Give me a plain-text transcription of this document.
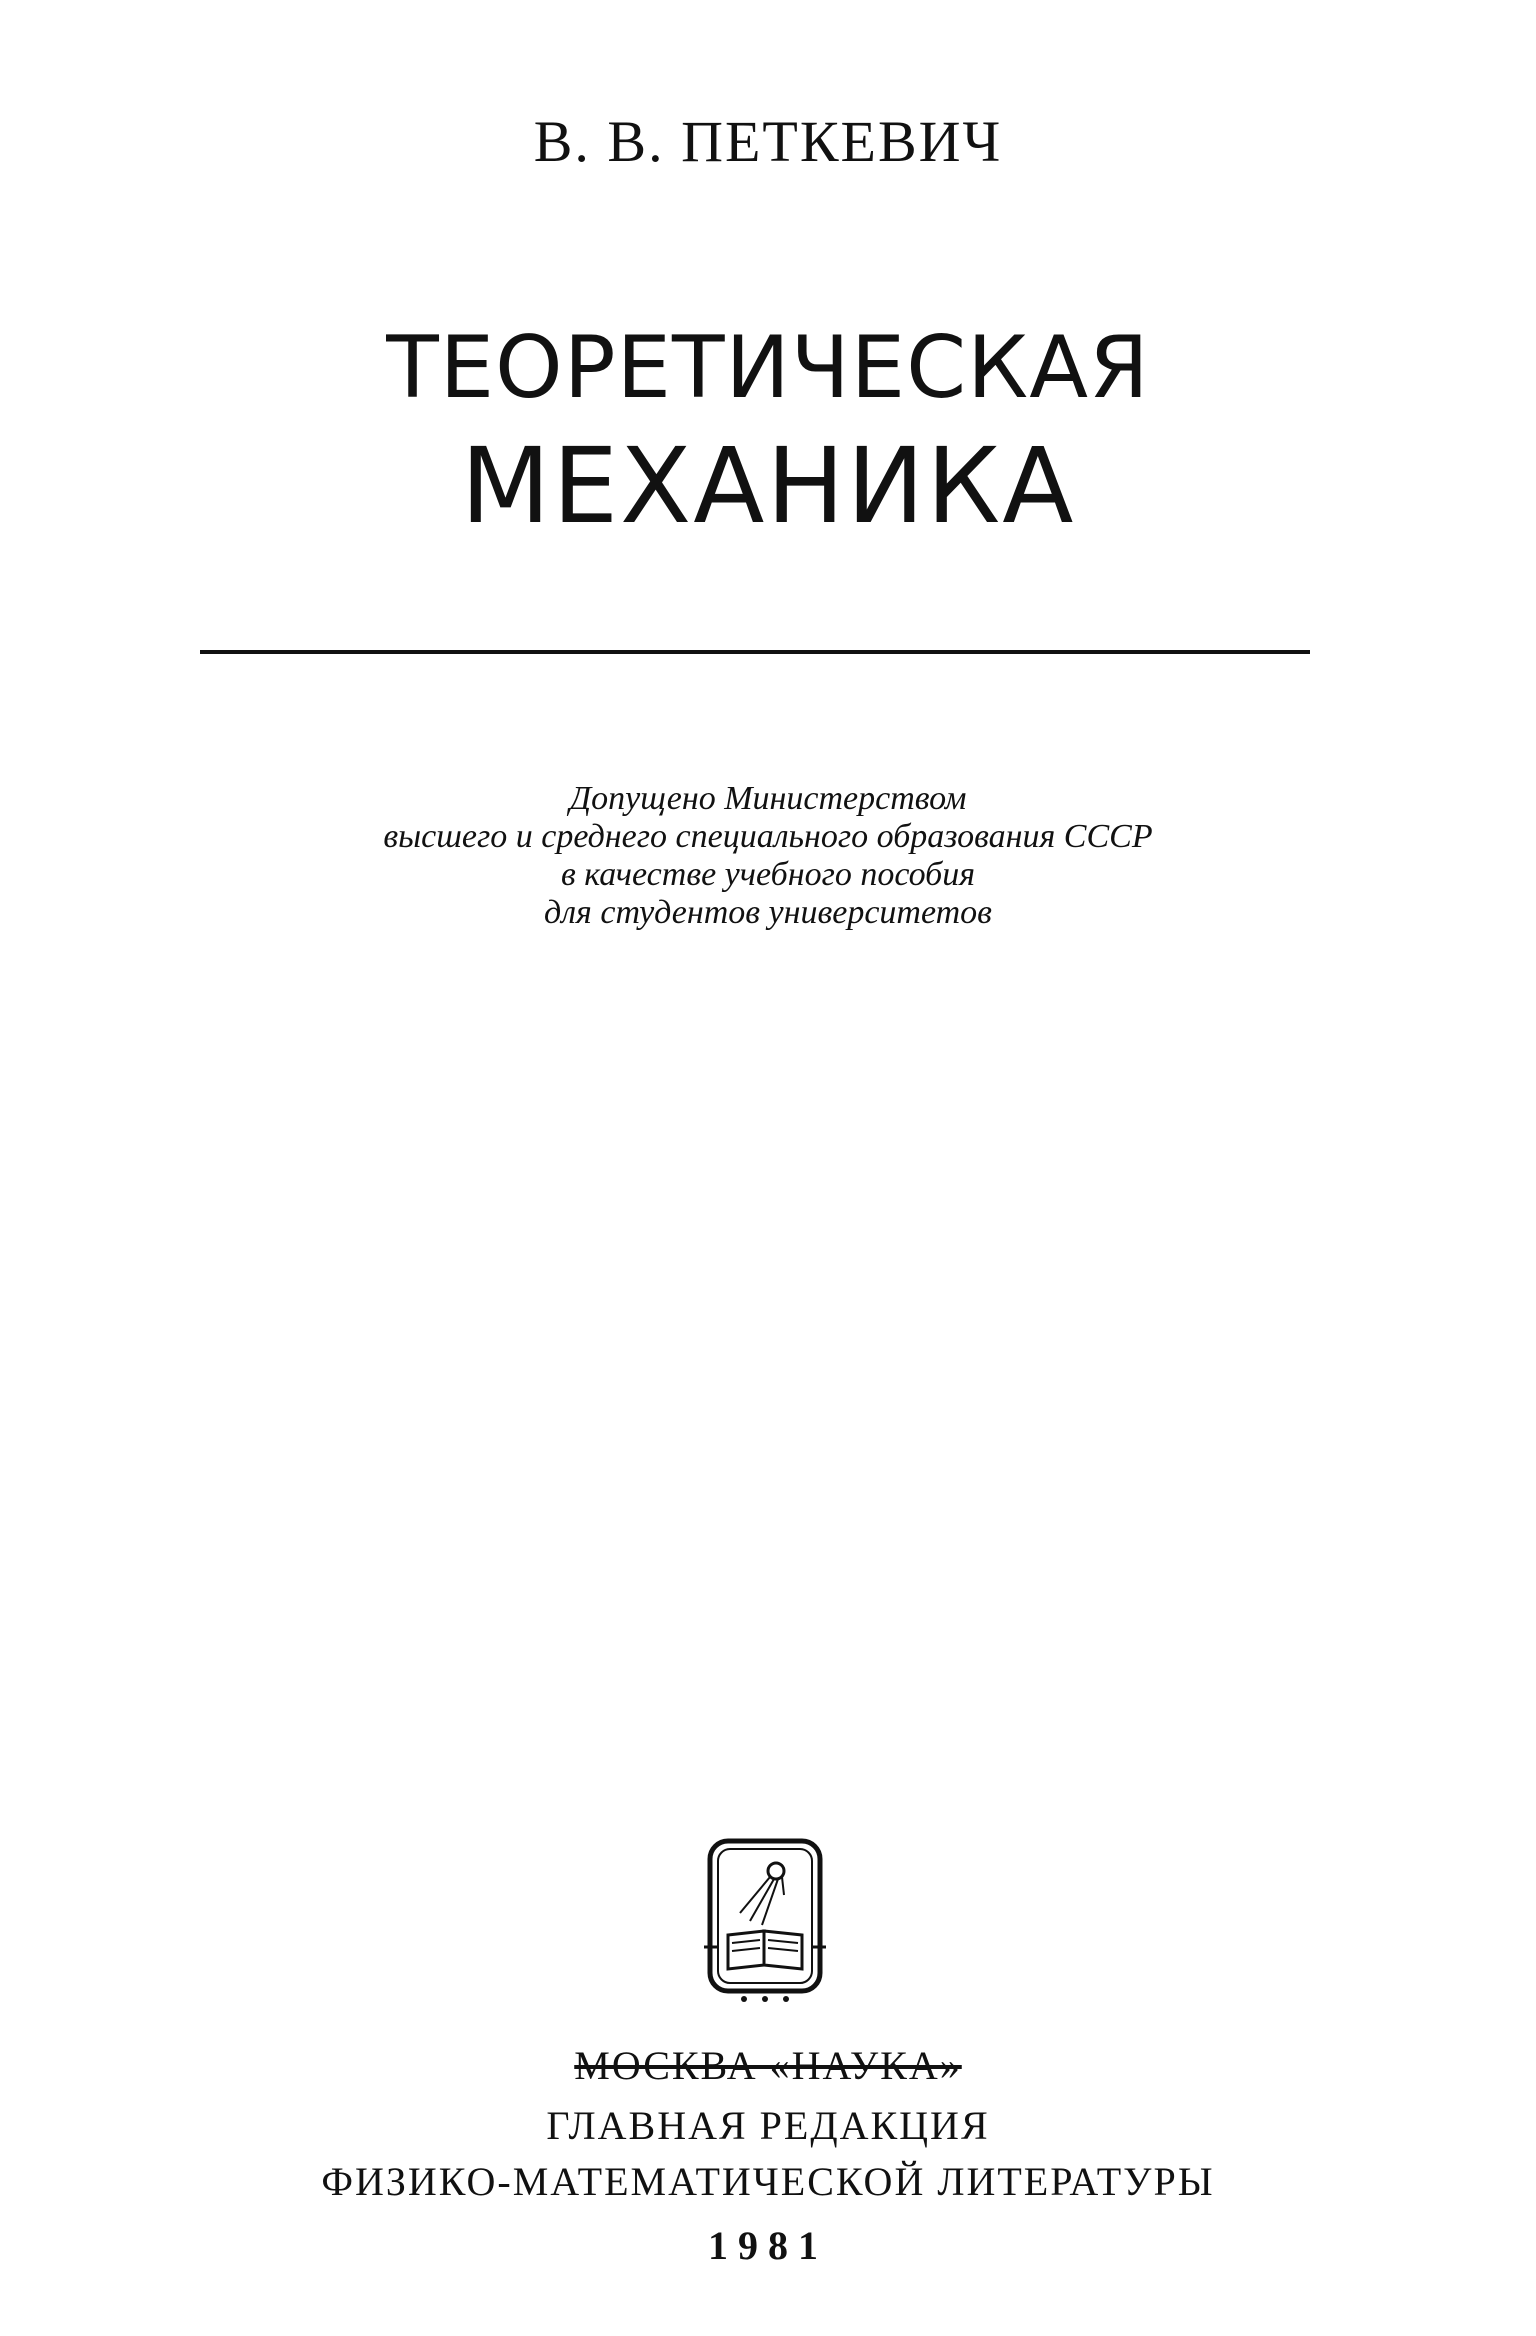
В. В. ПЕТКЕВИЧ
ТЕОРЕТИЧЕСКАЯ
МЕХАНИКА
Допущено Министерством
высшего и среднего специального образования СССР
в качестве учебного пособия
для студентов университетов
МОСКВА «НАУКА»
ГЛАВНАЯ РЕДАКЦИЯ
ФИЗИКО-МАТЕМАТИЧЕСКОЙ ЛИТЕРАТУРЫ
1981
